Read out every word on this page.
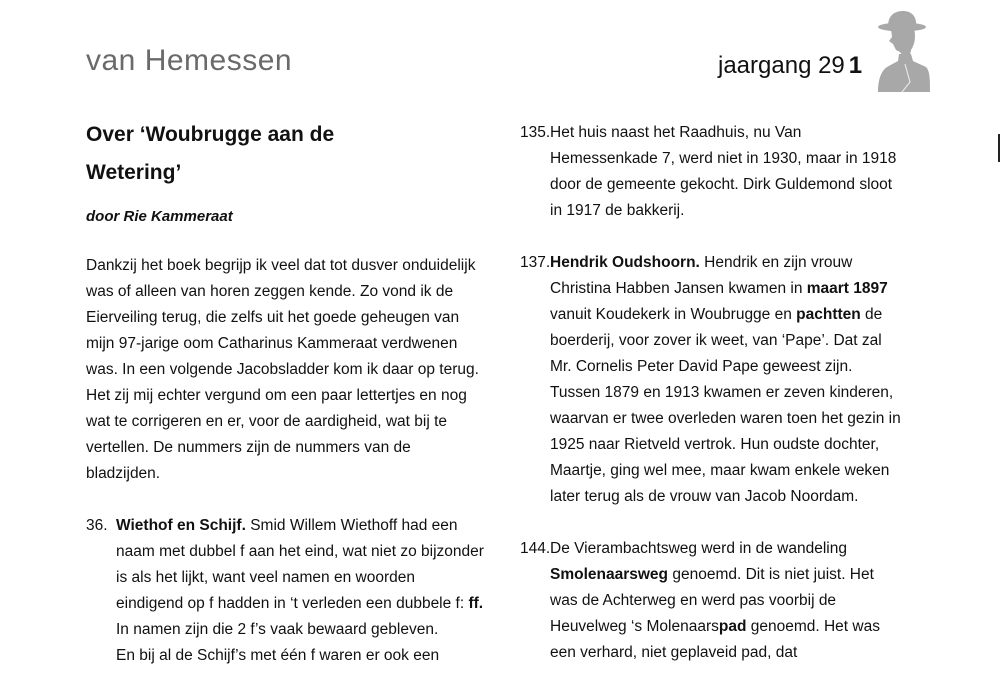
van Hemessen	jaargang 29 1
Over ‘Woubrugge aan de
Wetering’
door Rie Kammeraat

Dankzij het boek begrijp ik veel dat tot dusver onduidelijk was of alleen van horen zeggen kende. Zo vond ik de Eierveiling terug, die zelfs uit het goede geheugen van mijn 97-jarige oom Catharinus Kammeraat verdwenen was. In een volgende Jacobsladder kom ik daar op terug. Het zij mij echter vergund om een paar lettertjes en nog wat te corrigeren en er, voor de aardigheid, wat bij te vertellen. De nummers zijn de nummers van de bladzijden.

36. Wiethof en Schijf. Smid Willem Wiethoff had een naam met dubbel f aan het eind, wat niet zo bijzonder is als het lijkt, want veel namen en woorden eindigend op f hadden in ‘t verleden een dubbele f: ff. In namen zijn die 2 f’s vaak bewaard gebleven.
En bij al de Schijf’s met één f waren er ook een
135. Het huis naast het Raadhuis, nu Van Hemessenkade 7, werd niet in 1930, maar in 1918 door de gemeente gekocht. Dirk Guldemond sloot in 1917 de bakkerij.
137. Hendrik Oudshoorn. Hendrik en zijn vrouw Christina Habben Jansen kwamen in maart 1897 vanuit Koudekerk in Woubrugge en pachtten de boerderij, voor zover ik weet, van ‘Pape’. Dat zal Mr. Cornelis Peter David Pape geweest zijn. Tussen 1879 en 1913 kwamen er zeven kinderen, waarvan er twee overleden waren toen het gezin in 1925 naar Rietveld vertrok. Hun oudste dochter, Maartje, ging wel mee, maar kwam enkele weken later terug als de vrouw van Jacob Noordam.
144. De Vierambachtsweg werd in de wandeling Smolenaarsweg genoemd. Dit is niet juist. Het was de Achterweg en werd pas voorbij de Heuvelweg ‘s Molenaarspad genoemd. Het was een verhard, niet geplaveid pad, dat
